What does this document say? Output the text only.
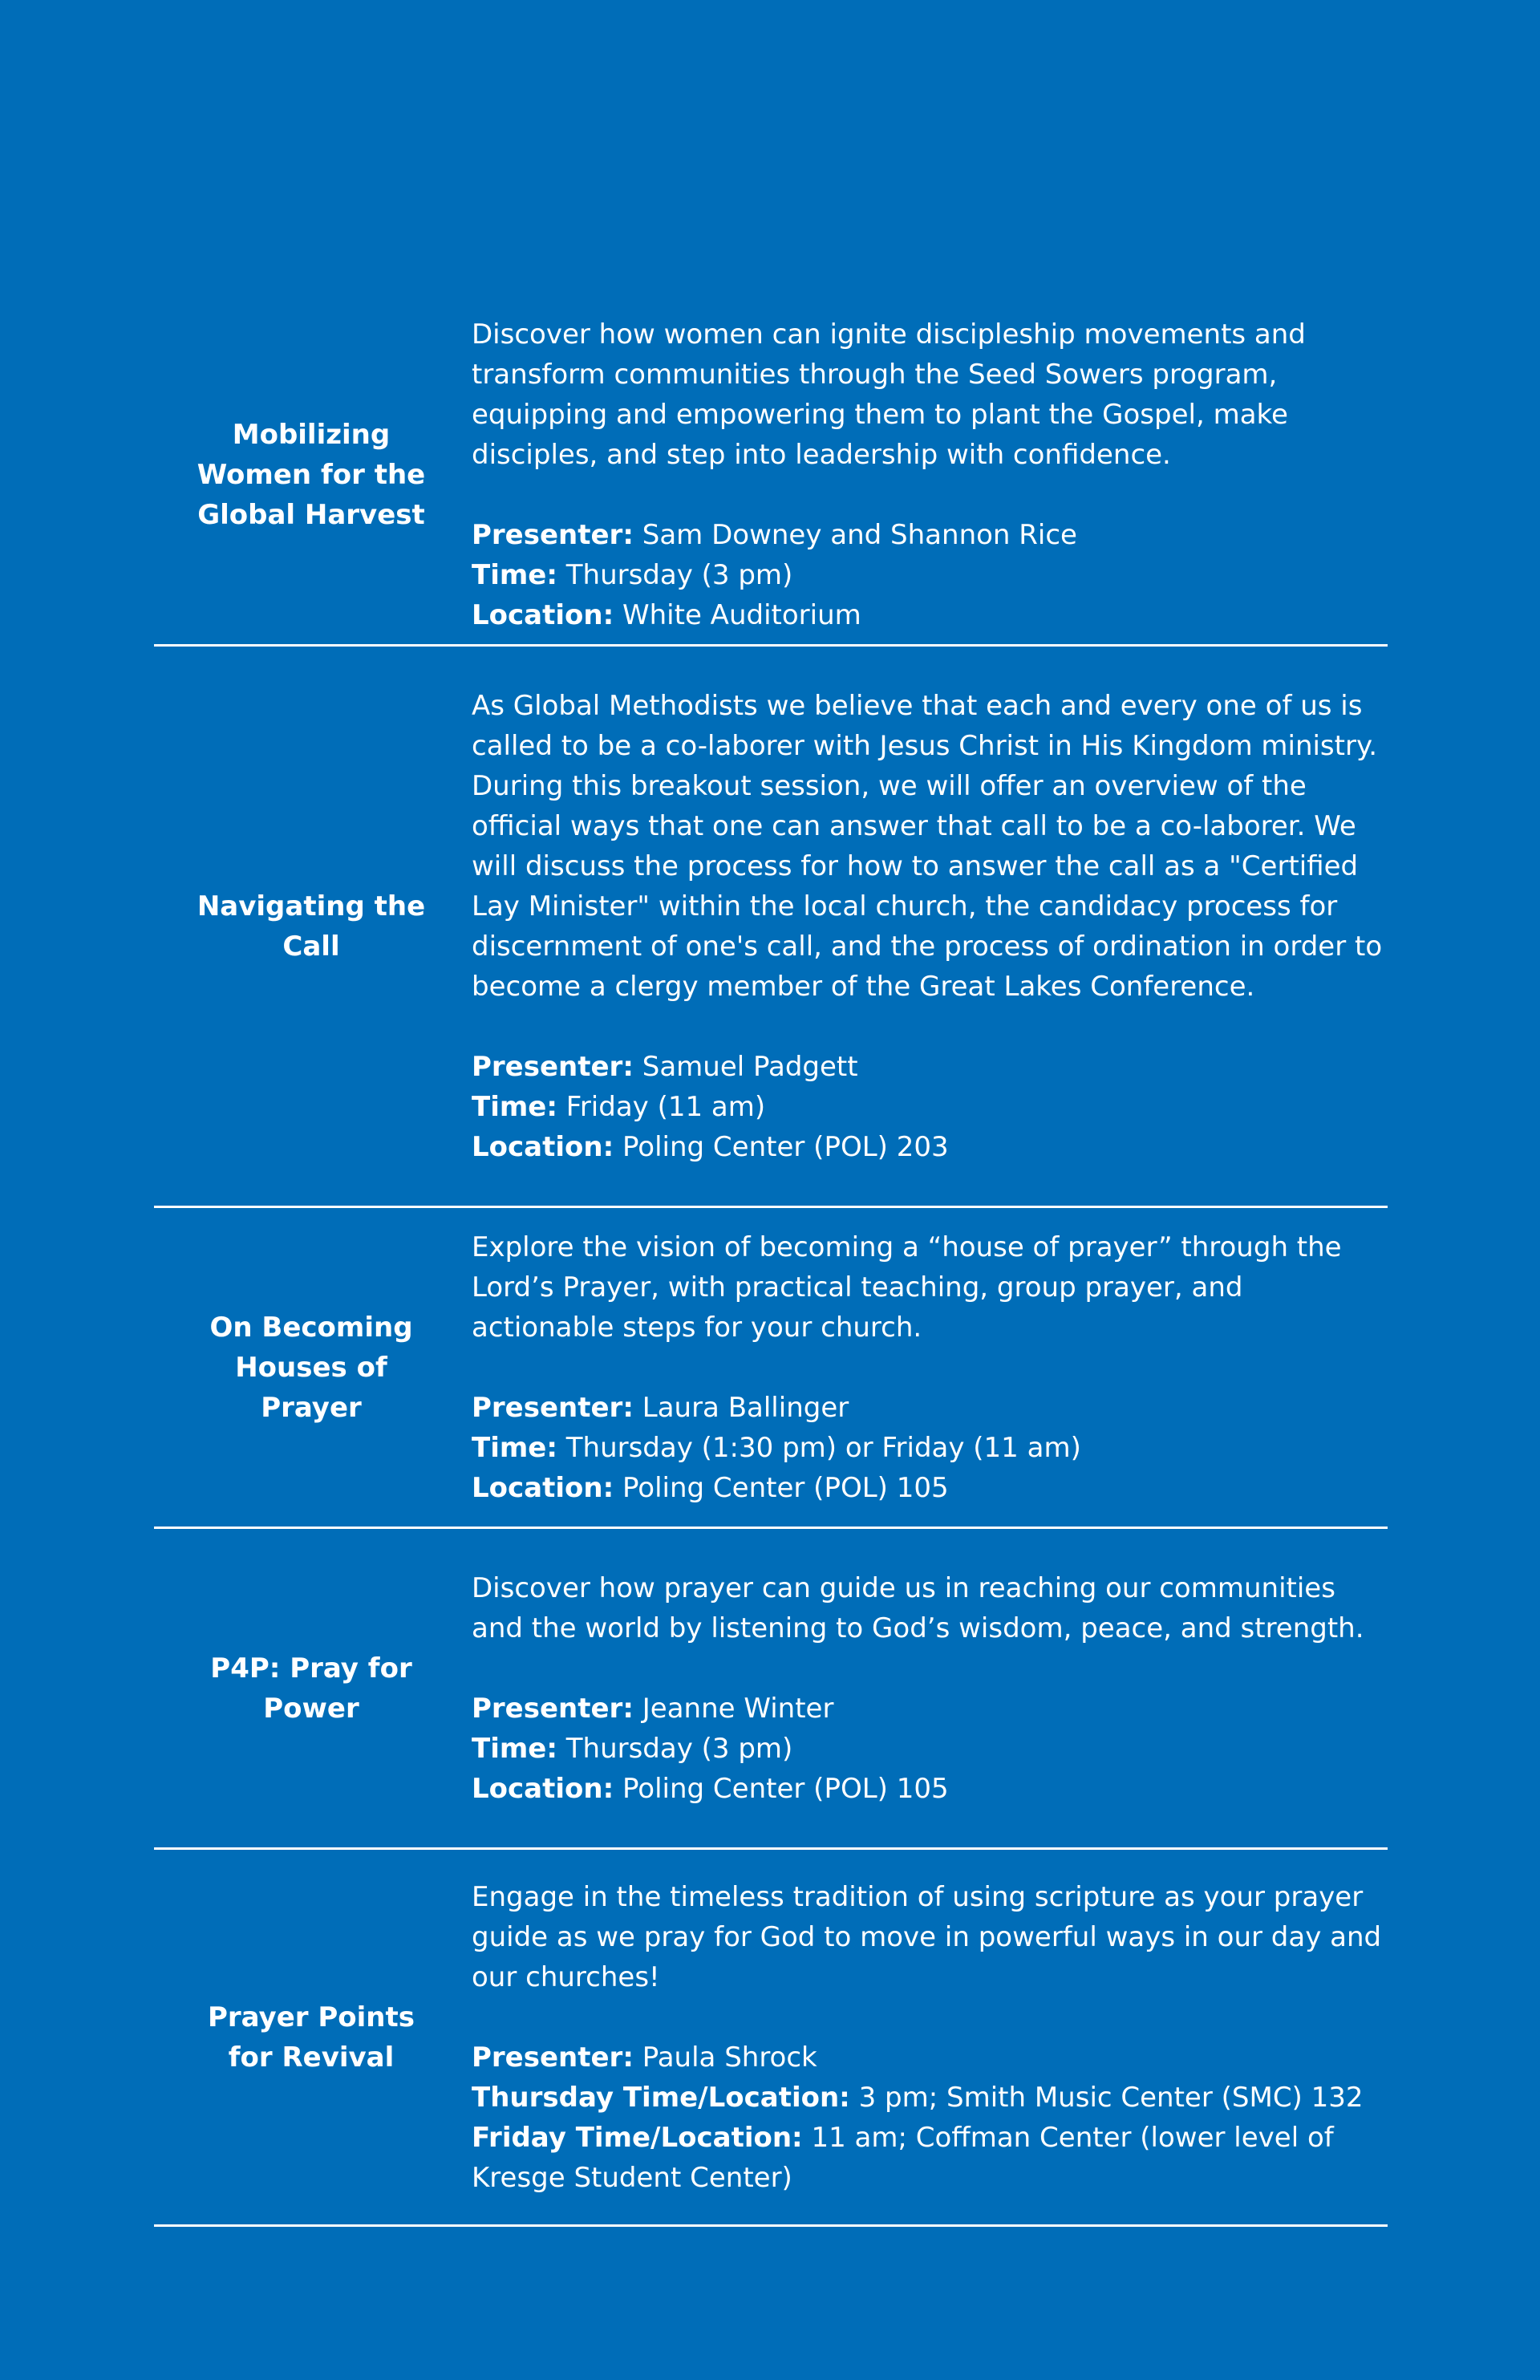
Mobilizing Women for the Global Harvest

Discover how women can ignite discipleship movements and transform communities through the Seed Sowers program, equipping and empowering them to plant the Gospel, make disciples, and step into leadership with confidence.

Presenter: Sam Downey and Shannon Rice

Time: Thursday (3 pm)

Location: White Auditorium

Navigating the Call

As Global Methodists we believe that each and every one of us is called to be a co-laborer with Jesus Christ in His Kingdom ministry. During this breakout session, we will offer an overview of the official ways that one can answer that call to be a co-laborer. We will discuss the process for how to answer the call as a "Certified Lay Minister" within the local church, the candidacy process for discernment of one's call, and the process of ordination in order to become a clergy member of the Great Lakes Conference.

Presenter: Samuel Padgett

Time: Friday (11 am)

Location: Poling Center (POL) 203

On Becoming Houses of Prayer

Explore the vision of becoming a “house of prayer” through the Lord’s Prayer, with practical teaching, group prayer, and actionable steps for your church.

Presenter: Laura Ballinger

Time: Thursday (1:30 pm) or Friday (11 am)

Location: Poling Center (POL) 105

P4P: Pray for Power

Discover how prayer can guide us in reaching our communities and the world by listening to God’s wisdom, peace, and strength.

Presenter: Jeanne Winter

Time: Thursday (3 pm)

Location: Poling Center (POL) 105

Prayer Points for Revival

Engage in the timeless tradition of using scripture as your prayer guide as we pray for God to move in powerful ways in our day and our churches!

Presenter: Paula Shrock

Thursday Time/Location: 3 pm; Smith Music Center (SMC) 132

Friday Time/Location: 11 am; Coffman Center (lower level of Kresge Student Center)
